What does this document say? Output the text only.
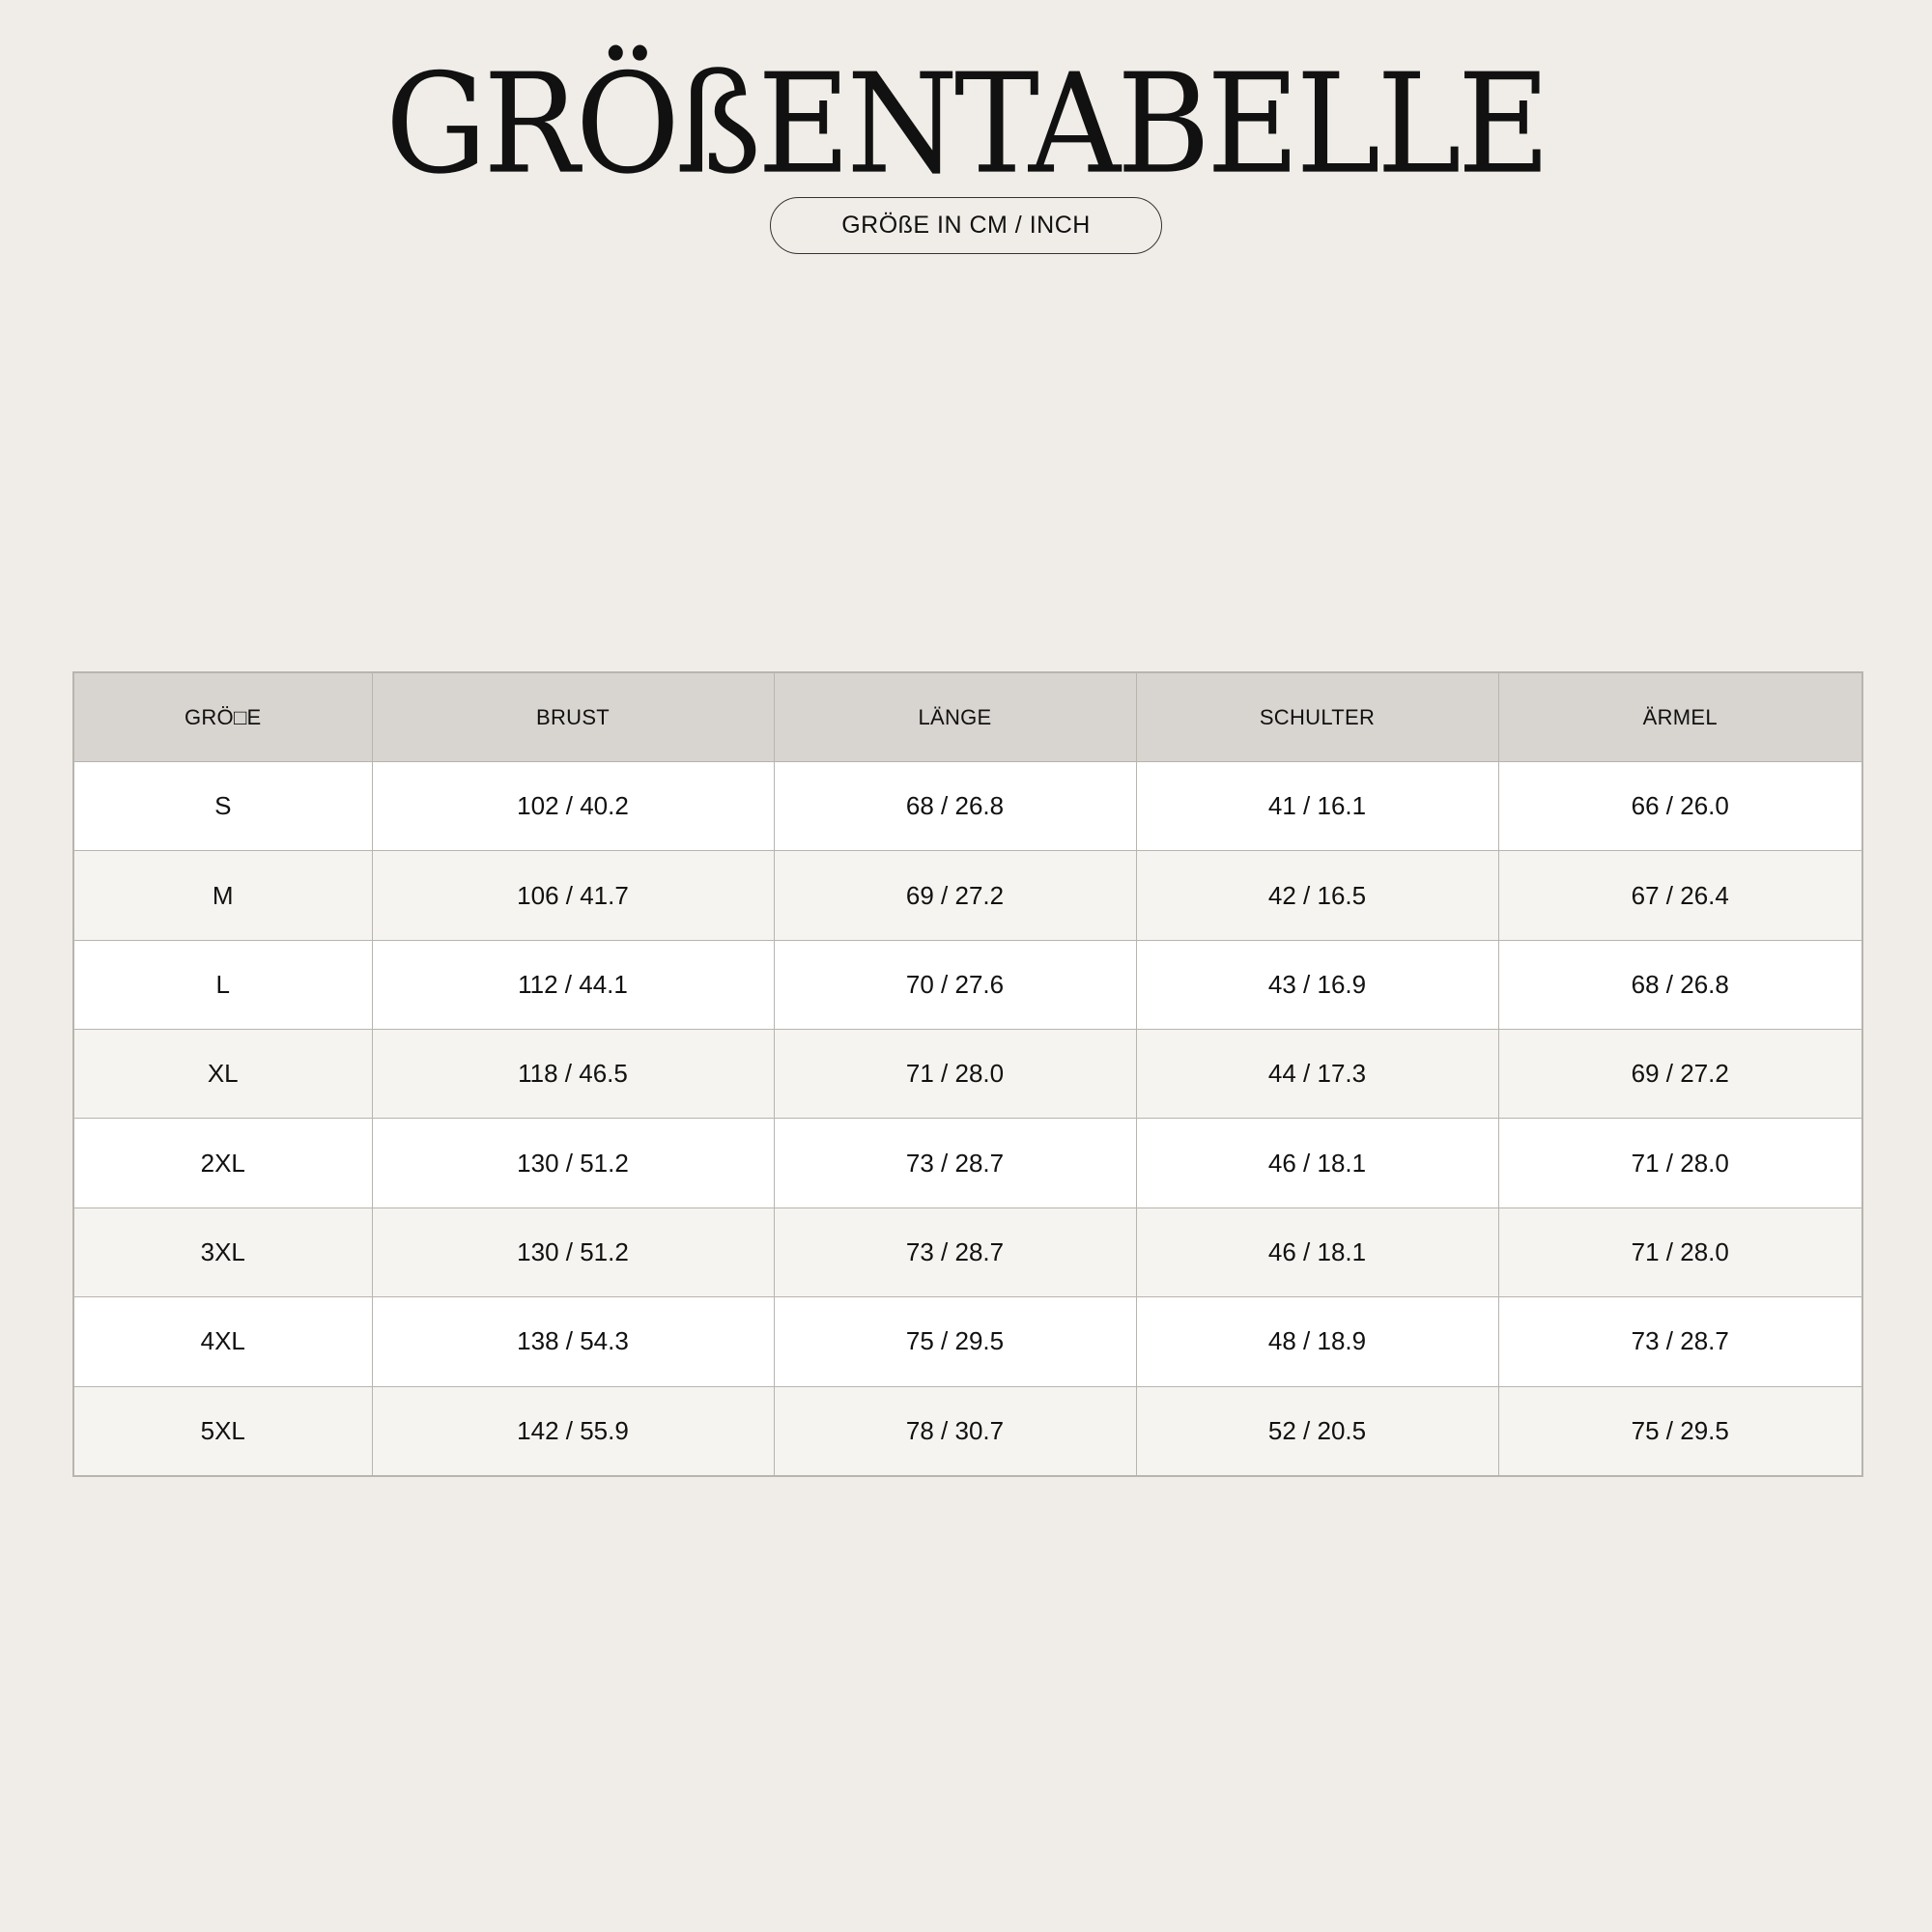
GRÖßENTABELLE
GRÖßE IN CM / INCH
GRÖ□E	BRUST	LÄNGE	SCHULTER	ÄRMEL
S	102 / 40.2	68 / 26.8	41 / 16.1	66 / 26.0
M	106 / 41.7	69 / 27.2	42 / 16.5	67 / 26.4
L	112 / 44.1	70 / 27.6	43 / 16.9	68 / 26.8
XL	118 / 46.5	71 / 28.0	44 / 17.3	69 / 27.2
2XL	130 / 51.2	73 / 28.7	46 / 18.1	71 / 28.0
3XL	130 / 51.2	73 / 28.7	46 / 18.1	71 / 28.0
4XL	138 / 54.3	75 / 29.5	48 / 18.9	73 / 28.7
5XL	142 / 55.9	78 / 30.7	52 / 20.5	75 / 29.5
